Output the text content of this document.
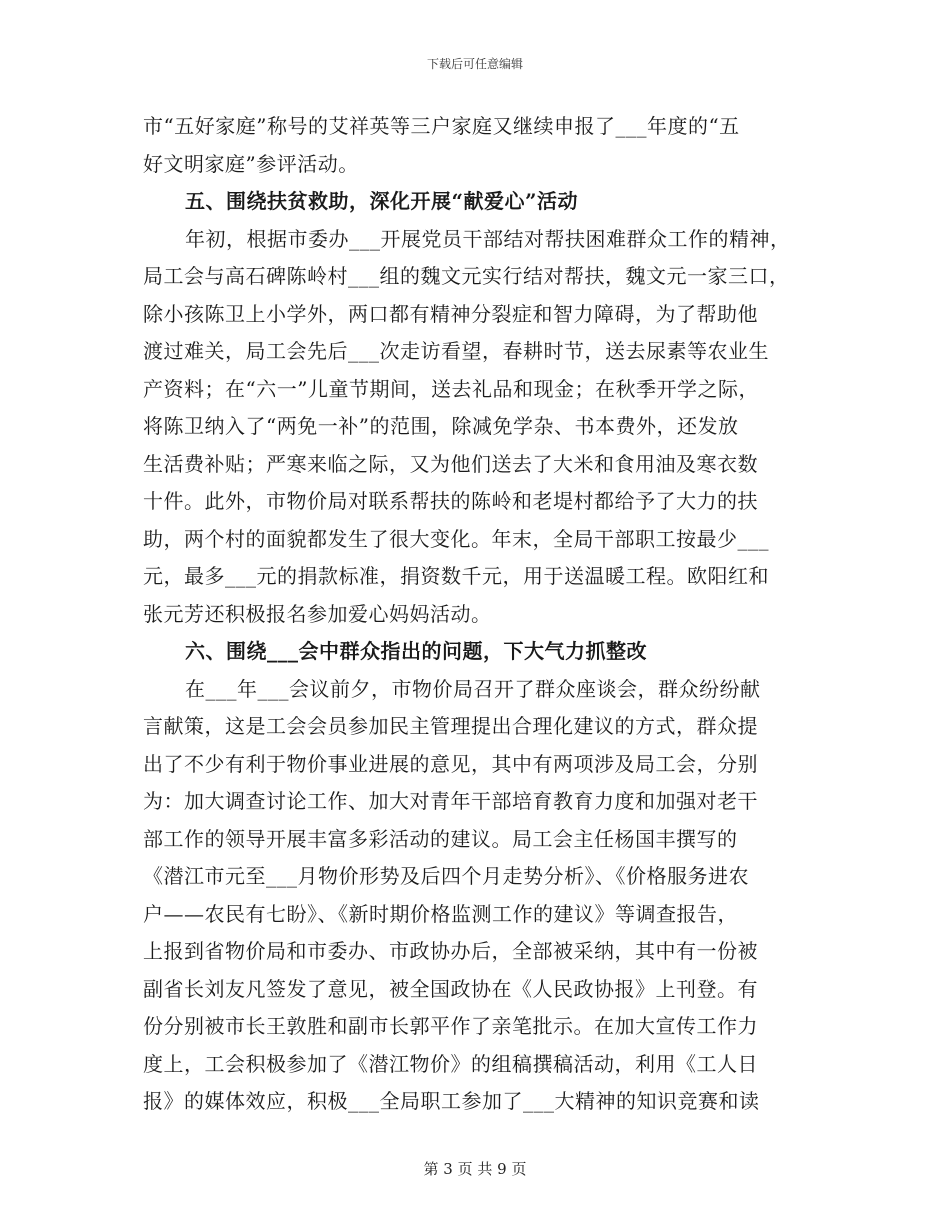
下载后可任意编辑
市“五好家庭”称号的艾祥英等三户家庭又继续申报了___年度的“五
好文明家庭”参评活动。
五、围绕扶贫救助，深化开展“献爱心”活动
年初，根据市委办___开展党员干部结对帮扶困难群众工作的精神，
局工会与高石碑陈岭村___组的魏文元实行结对帮扶，魏文元一家三口，
除小孩陈卫上小学外，两口都有精神分裂症和智力障碍，为了帮助他
渡过难关，局工会先后___次走访看望，春耕时节，送去尿素等农业生
产资料；在“六一”儿童节期间，送去礼品和现金；在秋季开学之际，
将陈卫纳入了“两免一补”的范围，除减免学杂、书本费外，还发放
生活费补贴；严寒来临之际，又为他们送去了大米和食用油及寒衣数
十件。此外，市物价局对联系帮扶的陈岭和老堤村都给予了大力的扶
助，两个村的面貌都发生了很大变化。年末，全局干部职工按最少___
元，最多___元的捐款标准，捐资数千元，用于送温暖工程。欧阳红和
张元芳还积极报名参加爱心妈妈活动。
六、围绕___会中群众指出的问题，下大气力抓整改
在___年___会议前夕，市物价局召开了群众座谈会，群众纷纷献
言献策，这是工会会员参加民主管理提出合理化建议的方式，群众提
出了不少有利于物价事业进展的意见，其中有两项涉及局工会，分别
为：加大调查讨论工作、加大对青年干部培育教育力度和加强对老干
部工作的领导开展丰富多彩活动的建议。局工会主任杨国丰撰写的
《潜江市元至___月物价形势及后四个月走势分析》、《价格服务进农
户——农民有七盼》、《新时期价格监测工作的建议》等调查报告，
上报到省物价局和市委办、市政协办后，全部被采纳，其中有一份被
副省长刘友凡签发了意见，被全国政协在《人民政协报》上刊登。有
份分别被市长王敦胜和副市长郭平作了亲笔批示。在加大宣传工作力
度上，工会积极参加了《潜江物价》的组稿撰稿活动，利用《工人日
报》的媒体效应，积极___全局职工参加了___大精神的知识竞赛和读
第 3 页 共 9 页
